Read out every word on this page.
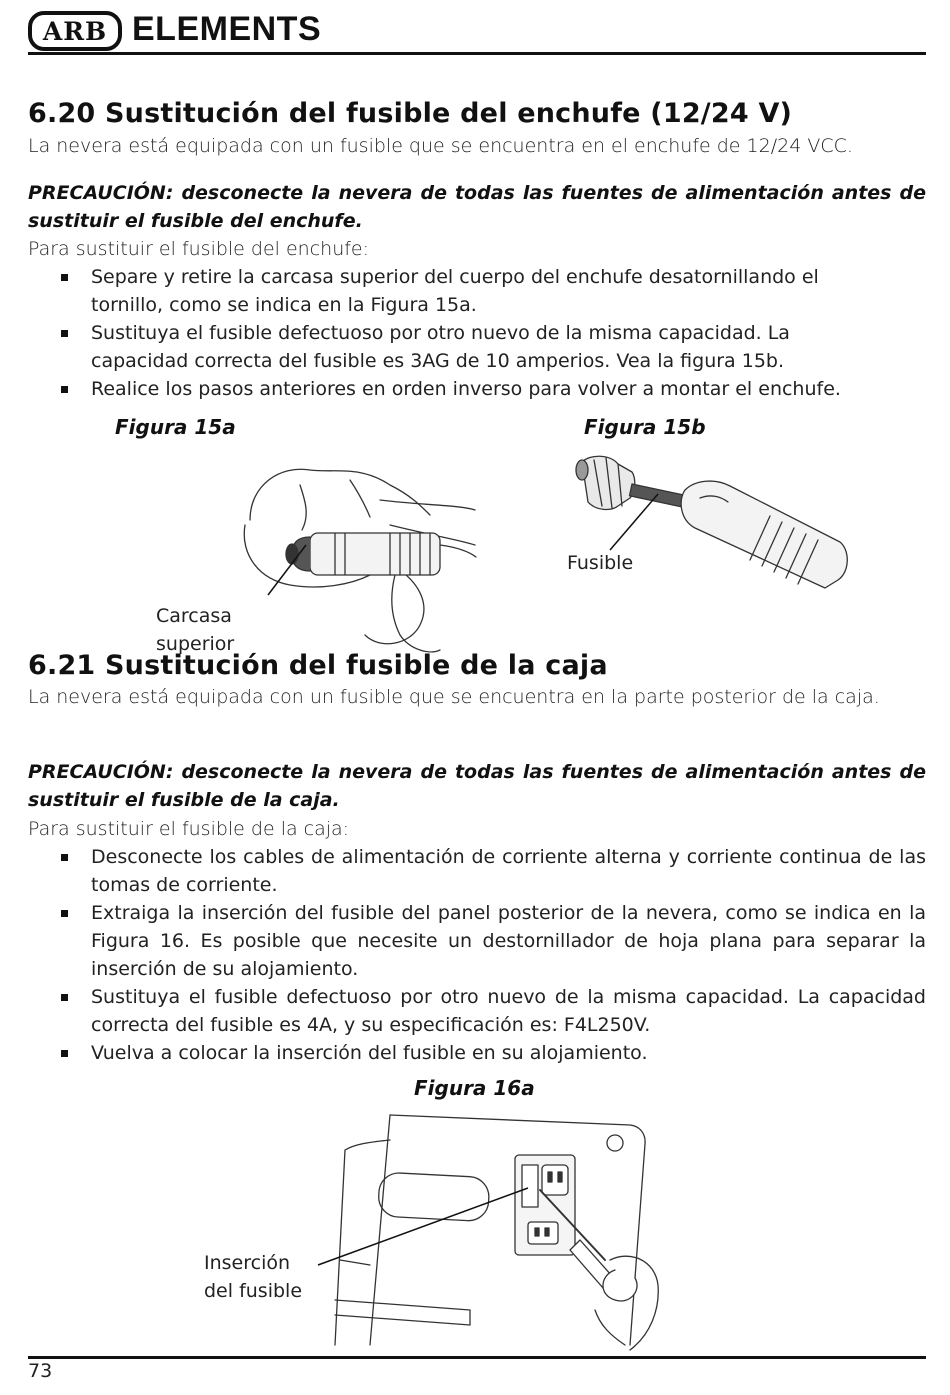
ARB ELEMENTS
6.20 Sustitución del fusible del enchufe (12/24 V)
La nevera está equipada con un fusible que se encuentra en el enchufe de 12/24 VCC.
PRECAUCIÓN: desconecte la nevera de todas las fuentes de alimentación antes de sustituir el fusible del enchufe.
Para sustituir el fusible del enchufe:
Separe y retire la carcasa superior del cuerpo del enchufe desatornillando el tornillo, como se indica en la Figura 15a.
Sustituya el fusible defectuoso por otro nuevo de la misma capacidad. La capacidad correcta del fusible es 3AG de 10 amperios. Vea la figura 15b.
Realice los pasos anteriores en orden inverso para volver a montar el enchufe.
Figura 15a
Carcasa
superior
Figura 15b
Fusible
6.21 Sustitución del fusible de la caja
La nevera está equipada con un fusible que se encuentra en la parte posterior de la caja.
PRECAUCIÓN: desconecte la nevera de todas las fuentes de alimentación antes de sustituir el fusible de la caja.
Para sustituir el fusible de la caja:
Desconecte los cables de alimentación de corriente alterna y corriente continua de las tomas de corriente.
Extraiga la inserción del fusible del panel posterior de la nevera, como se indica en la Figura 16. Es posible que necesite un destornillador de hoja plana para separar la inserción de su alojamiento.
Sustituya el fusible defectuoso por otro nuevo de la misma capacidad. La capacidad correcta del fusible es 4A, y su especificación es: F4L250V.
Vuelva a colocar la inserción del fusible en su alojamiento.
Figura 16a
Inserción
del fusible
73
